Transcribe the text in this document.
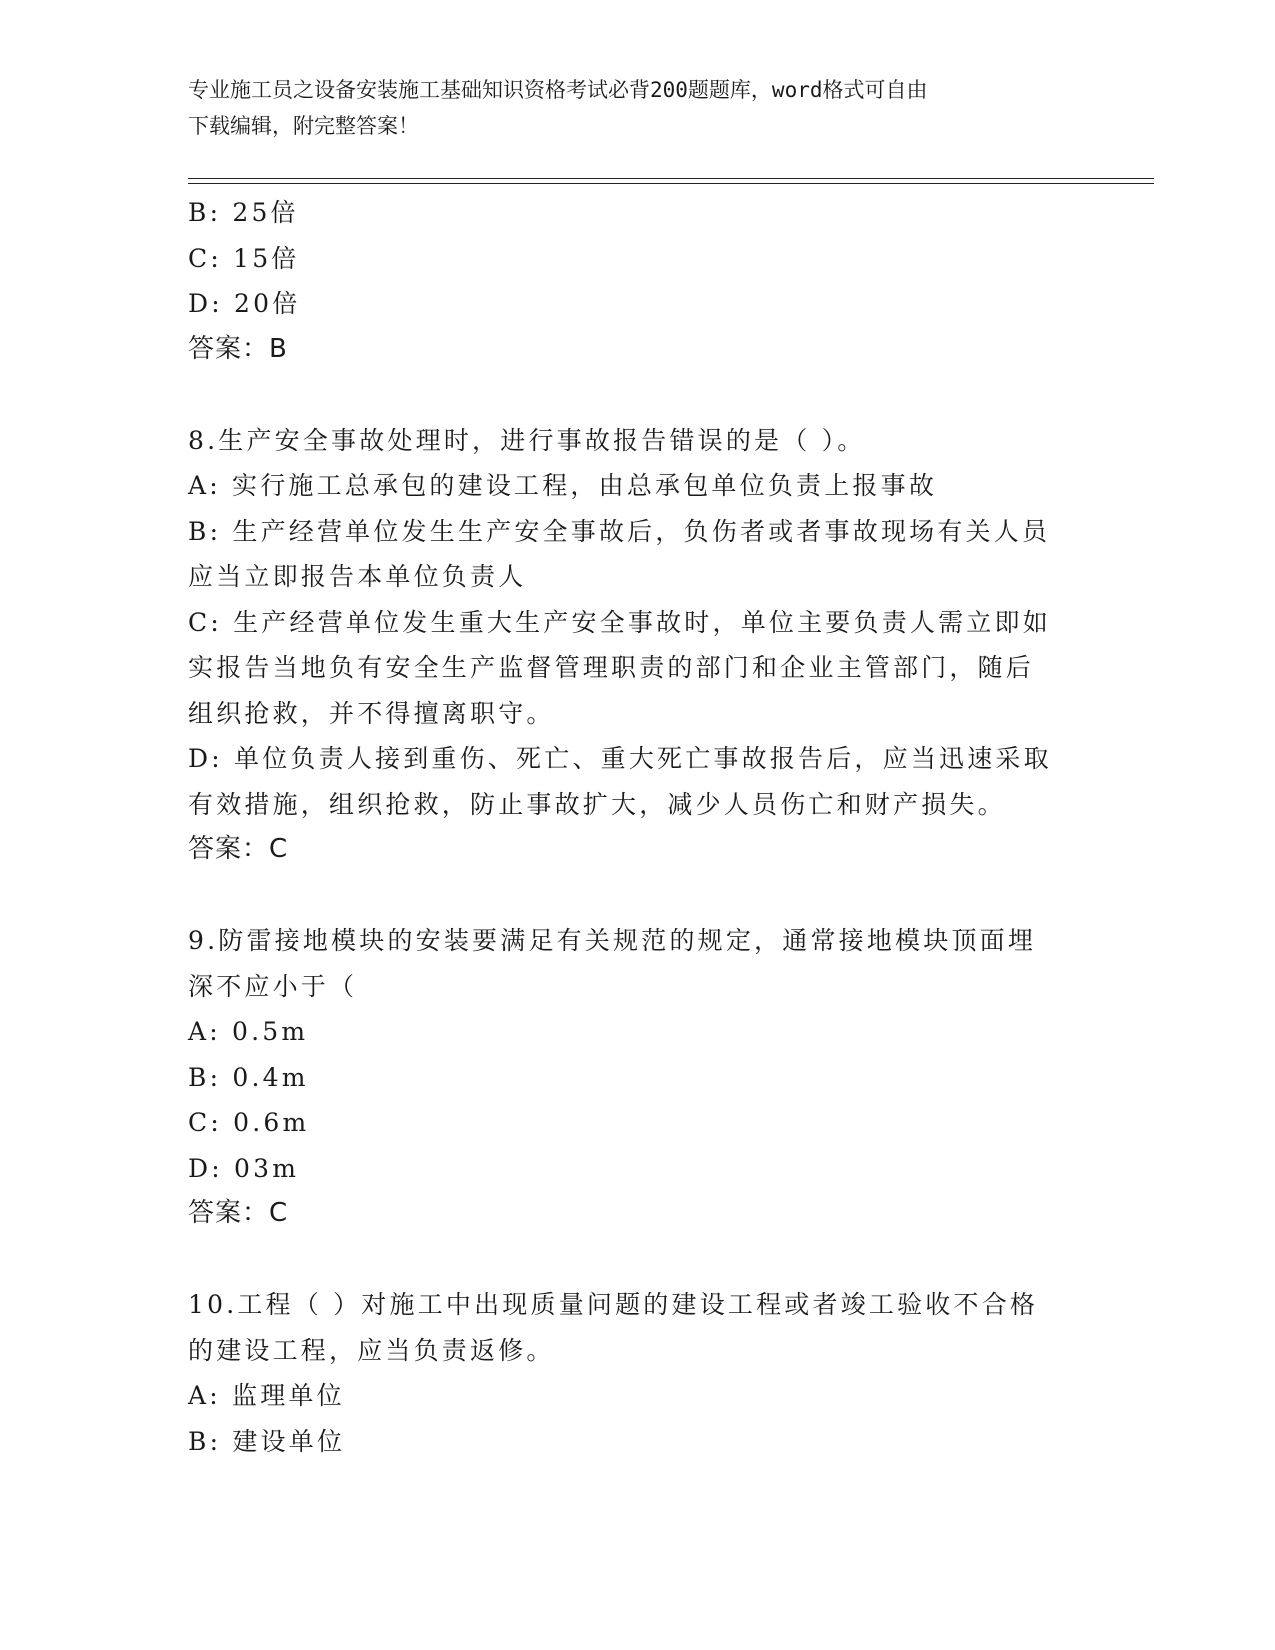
专业施工员之设备安装施工基础知识资格考试必背200题题库，word格式可自由
下载编辑，附完整答案！
B: 25倍
C: 15倍
D: 20倍
答案：B
8.生产安全事故处理时，进行事故报告错误的是（ ）。
A: 实行施工总承包的建设工程，由总承包单位负责上报事故
B: 生产经营单位发生生产安全事故后，负伤者或者事故现场有关人员
应当立即报告本单位负责人
C: 生产经营单位发生重大生产安全事故时，单位主要负责人需立即如
实报告当地负有安全生产监督管理职责的部门和企业主管部门，随后
组织抢救，并不得擅离职守。
D: 单位负责人接到重伤、死亡、重大死亡事故报告后，应当迅速采取
有效措施，组织抢救，防止事故扩大，减少人员伤亡和财产损失。
答案：C
9.防雷接地模块的安装要满足有关规范的规定，通常接地模块顶面埋
深不应小于（
A: 0.5m
B: 0.4m
C: 0.6m
D: 03m
答案：C
10.工程（ ）对施工中出现质量问题的建设工程或者竣工验收不合格
的建设工程，应当负责返修。
A: 监理单位
B: 建设单位
